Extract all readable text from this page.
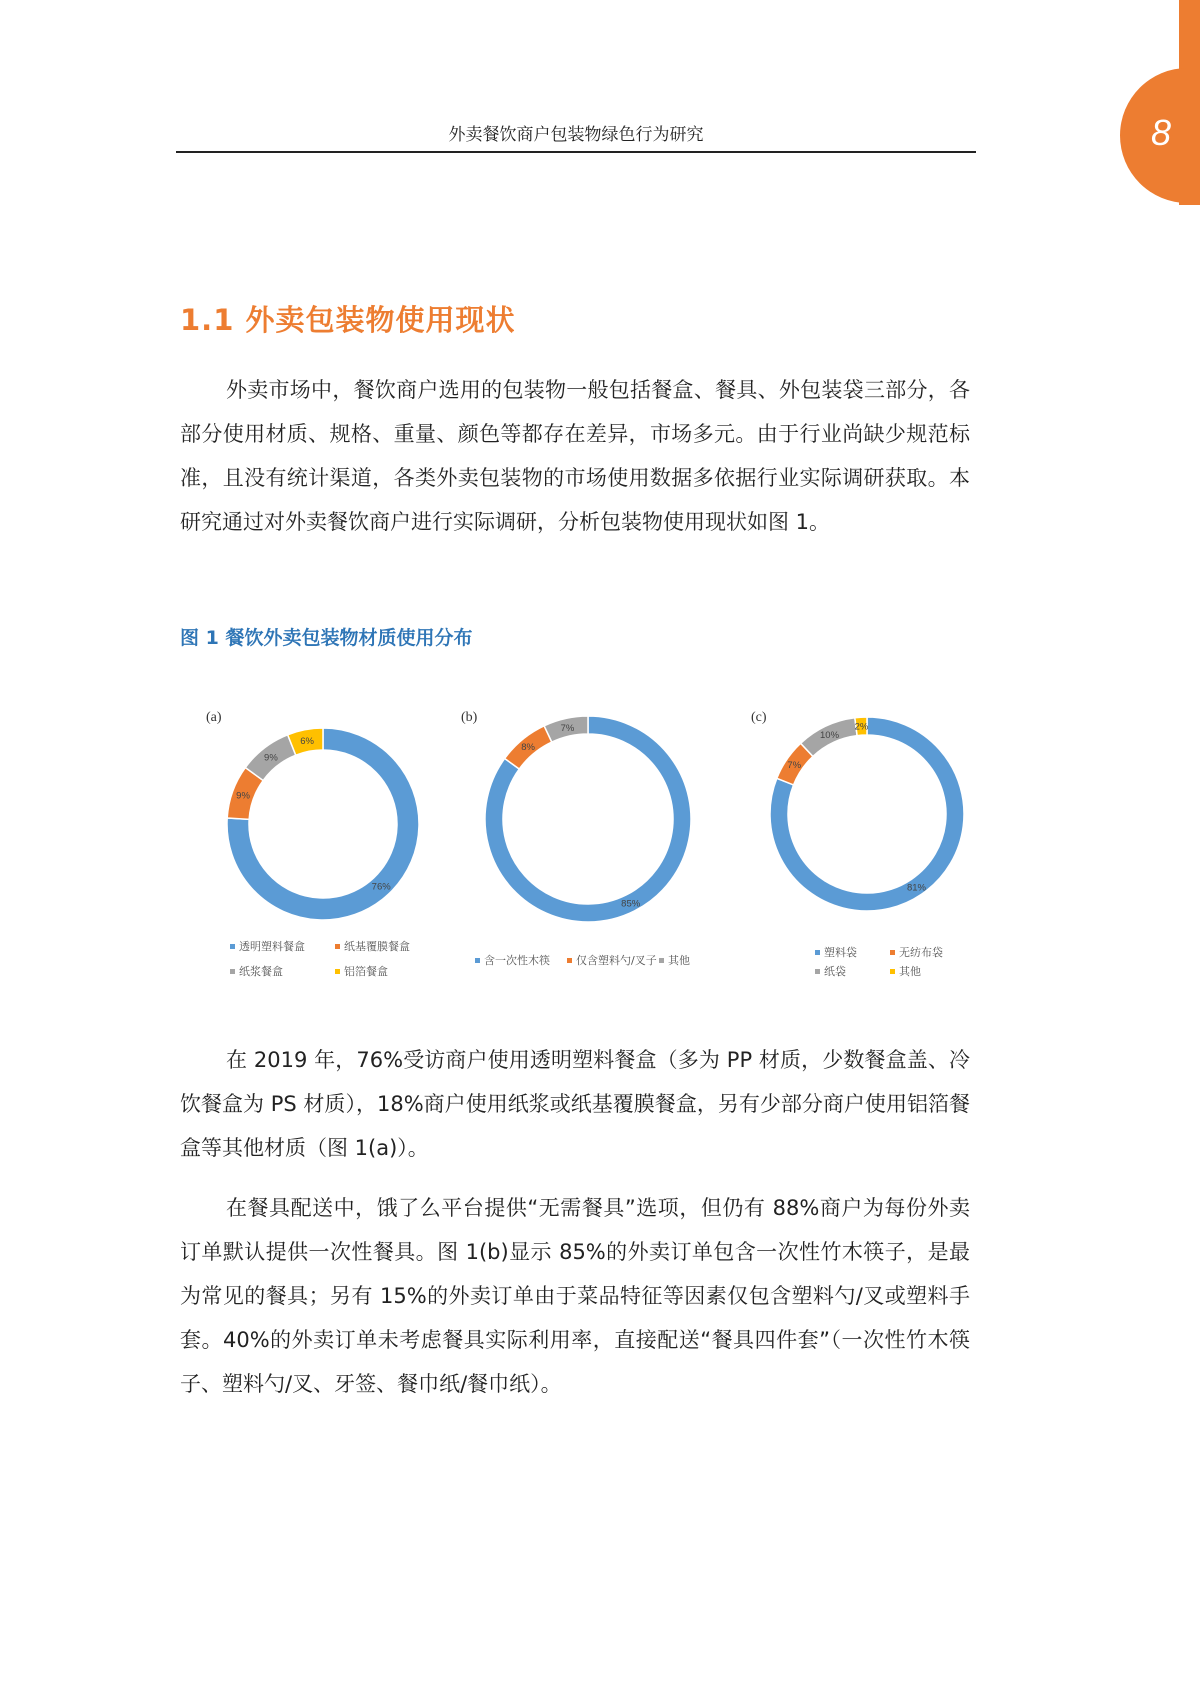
8
外卖餐饮商户包装物绿色行为研究
1.1 外卖包装物使用现状

外卖市场中，餐饮商户选用的包装物一般包括餐盒、餐具、外包装袋三部分，各部分使用材质、规格、重量、颜色等都存在差异，市场多元。由于行业尚缺少规范标准，且没有统计渠道，各类外卖包装物的市场使用数据多依据行业实际调研获取。本研究通过对外卖餐饮商户进行实际调研，分析包装物使用现状如图 1。

图 1 餐饮外卖包装物材质使用分布
76%
9%
9%
6%
(a)
透明塑料餐盒	纸基覆膜餐盒
纸浆餐盒	铝箔餐盒
85%
8%
7%
(b)
含一次性木筷	仅含塑料勺/叉子	其他
81%
7%
10%
2%
(c)
塑料袋	无纺布袋
纸袋	其他

在 2019 年，76%受访商户使用透明塑料餐盒（多为 PP 材质，少数餐盒盖、冷饮餐盒为 PS 材质），18%商户使用纸浆或纸基覆膜餐盒，另有少部分商户使用铝箔餐盒等其他材质（图 1(a)）。

在餐具配送中，饿了么平台提供“无需餐具”选项，但仍有 88%商户为每份外卖订单默认提供一次性餐具。图 1(b)显示 85%的外卖订单包含一次性竹木筷子，是最为常见的餐具；另有 15%的外卖订单由于菜品特征等因素仅包含塑料勺/叉或塑料手套。40%的外卖订单未考虑餐具实际利用率，直接配送“餐具四件套”（一次性竹木筷子、塑料勺/叉、牙签、餐巾纸/餐巾纸）。
